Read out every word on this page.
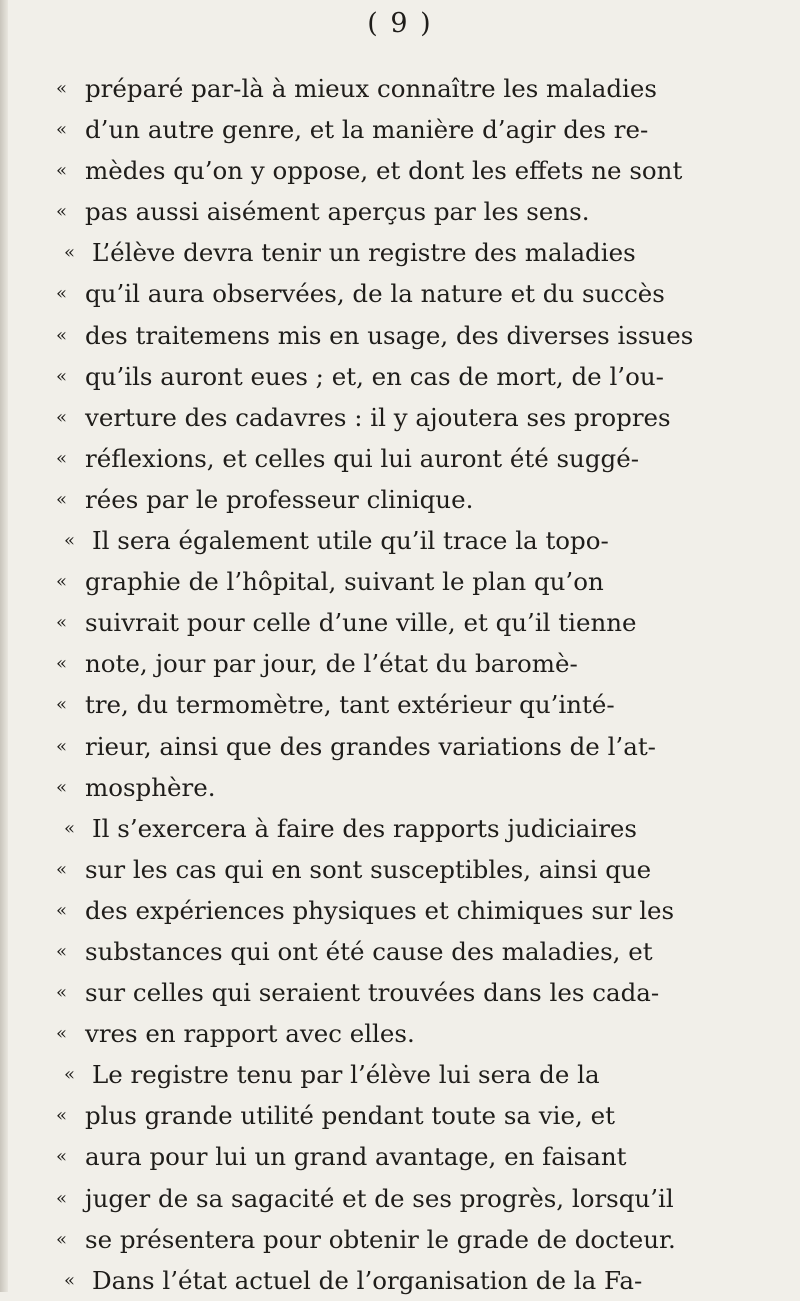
( 9 )
« préparé par-là à mieux connaître les maladies
« d’un autre genre, et la manière d’agir des re-
« mèdes qu’on y oppose, et dont les effets ne sont
« pas aussi aisément aperçus par les sens.
« L’élève devra tenir un registre des maladies
« qu’il aura observées, de la nature et du succès
« des traitemens mis en usage, des diverses issues
« qu’ils auront eues ; et, en cas de mort, de l’ou-
« verture des cadavres : il y ajoutera ses propres
« réflexions, et celles qui lui auront été suggé-
« rées par le professeur clinique.
« Il sera également utile qu’il trace la topo-
« graphie de l’hôpital, suivant le plan qu’on
« suivrait pour celle d’une ville, et qu’il tienne
« note, jour par jour, de l’état du baromè-
« tre, du termomètre, tant extérieur qu’inté-
« rieur, ainsi que des grandes variations de l’at-
« mosphère.
« Il s’exercera à faire des rapports judiciaires
« sur les cas qui en sont susceptibles, ainsi que
« des expériences physiques et chimiques sur les
« substances qui ont été cause des maladies, et
« sur celles qui seraient trouvées dans les cada-
« vres en rapport avec elles.
« Le registre tenu par l’élève lui sera de la
« plus grande utilité pendant toute sa vie, et
« aura pour lui un grand avantage, en faisant
« juger de sa sagacité et de ses progrès, lorsqu’il
« se présentera pour obtenir le grade de docteur.
« Dans l’état actuel de l’organisation de la Fa-
